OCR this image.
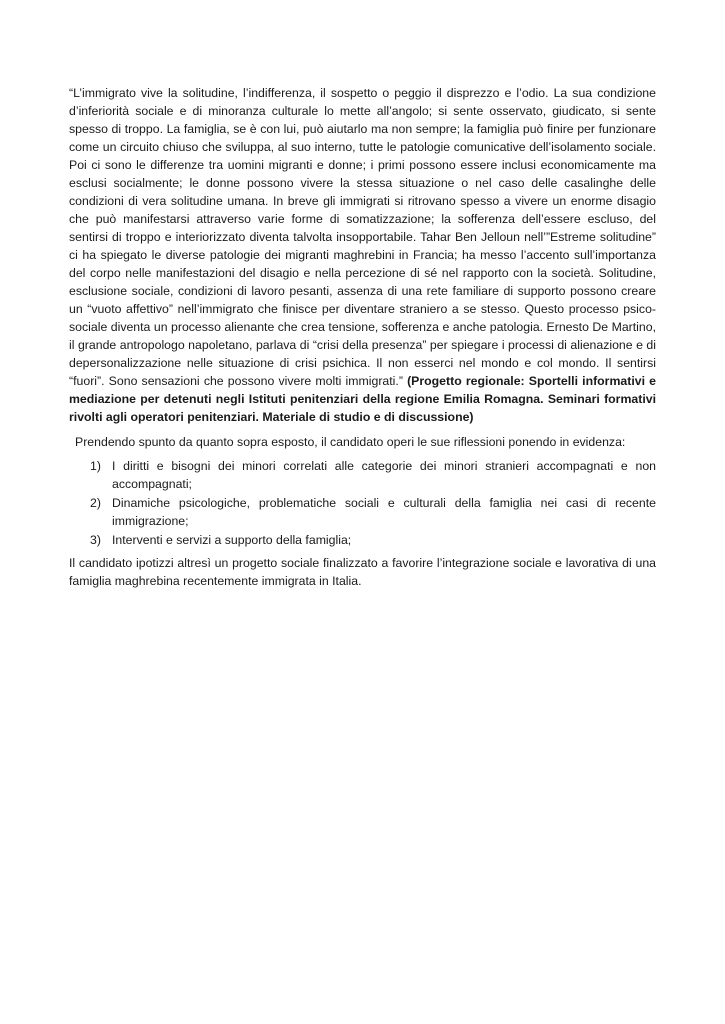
“L’immigrato vive la solitudine, l’indifferenza, il sospetto o peggio il disprezzo e l’odio. La sua condizione d’inferiorità sociale e di minoranza culturale lo mette all’angolo; si sente osservato, giudicato, si sente spesso di troppo. La famiglia, se è con lui, può aiutarlo ma non sempre; la famiglia può finire per funzionare come un circuito chiuso che sviluppa, al suo interno, tutte le patologie comunicative dell’isolamento sociale. Poi ci sono le differenze tra uomini migranti e donne; i primi possono essere inclusi economicamente ma esclusi socialmente; le donne possono vivere la stessa situazione o nel caso delle casalinghe delle condizioni di vera solitudine umana. In breve gli immigrati si ritrovano spesso a vivere un enorme disagio che può manifestarsi attraverso varie forme di somatizzazione; la sofferenza dell’essere escluso, del sentirsi di troppo e interiorizzato diventa talvolta insopportabile. Tahar Ben Jelloun nell’”Estreme solitudine” ci ha spiegato le diverse patologie dei migranti maghrebini in Francia; ha messo l’accento sull’importanza del corpo nelle manifestazioni del disagio e nella percezione di sé nel rapporto con la società. Solitudine, esclusione sociale, condizioni di lavoro pesanti, assenza di una rete familiare di supporto possono creare un “vuoto affettivo” nell’immigrato che finisce per diventare straniero a se stesso. Questo processo psico-sociale diventa un processo alienante che crea tensione, sofferenza e anche patologia. Ernesto De Martino, il grande antropologo napoletano, parlava di “crisi della presenza” per spiegare i processi di alienazione e di depersonalizzazione nelle situazione di crisi psichica. Il non esserci nel mondo e col mondo. Il sentirsi “fuori”. Sono sensazioni che possono vivere molti immigrati.” (Progetto regionale: Sportelli informativi e mediazione per detenuti negli Istituti penitenziari della regione Emilia Romagna. Seminari formativi rivolti agli operatori penitenziari. Materiale di studio e di discussione)

Prendendo spunto da quanto sopra esposto, il candidato operi le sue riflessioni ponendo in evidenza:

1) I diritti e bisogni dei minori correlati alle categorie dei minori stranieri accompagnati e non accompagnati;
2) Dinamiche psicologiche, problematiche sociali e culturali della famiglia nei casi di recente immigrazione;
3) Interventi e servizi a supporto della famiglia;

Il candidato ipotizzi altresì un progetto sociale finalizzato a favorire l’integrazione sociale e lavorativa di una famiglia maghrebina recentemente immigrata in Italia.
